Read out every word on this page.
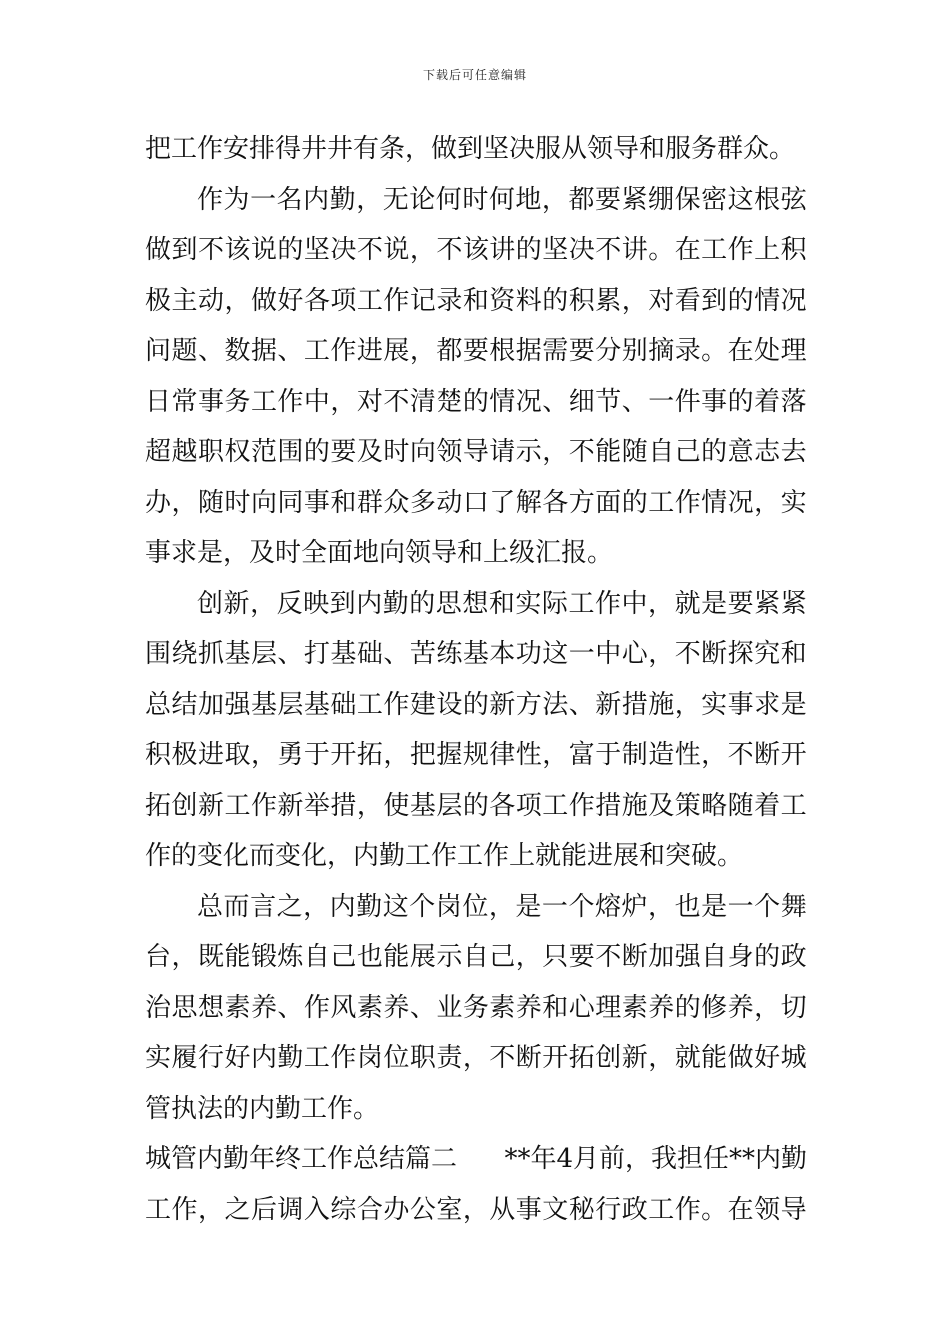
下载后可任意编辑
把工作安排得井井有条，做到坚决服从领导和服务群众。
作 为 一 名 内 勤 ， 无 论 何 时 何 地 ， 都 要 紧 绷 保 密 这 根 弦
做 到 不 该 说 的 坚 决 不 说 ， 不 该 讲 的 坚 决 不 讲 。 在 工 作 上 积
极 主 动 ， 做 好 各 项 工 作 记 录 和 资 料 的 积 累 ， 对 看 到 的 情 况
问 题 、 数 据 、 工 作 进 展 ， 都 要 根 据 需 要 分 别 摘 录 。 在 处 理
日 常 事 务 工 作 中 ， 对 不 清 楚 的 情 况 、 细 节 、 一 件 事 的 着 落
超 越 职 权 范 围 的 要 及 时 向 领 导 请 示 ， 不 能 随 自 己 的 意 志 去
办 ， 随 时 向 同 事 和 群 众 多 动 口 了 解 各 方 面 的 工 作 情 况 ， 实
事求是，及时全面地向领导和上级汇报。
创 新 ， 反 映 到 内 勤 的 思 想 和 实 际 工 作 中 ， 就 是 要 紧 紧
围 绕 抓 基 层 、 打 基 础 、 苦 练 基 本 功 这 一 中 心 ， 不 断 探 究 和
总 结 加 强 基 层 基 础 工 作 建 设 的 新 方 法 、 新 措 施 ， 实 事 求 是
积 极 进 取 ， 勇 于 开 拓 ， 把 握 规 律 性 ， 富 于 制 造 性 ， 不 断 开
拓 创 新 工 作 新 举 措 ， 使 基 层 的 各 项 工 作 措 施 及 策 略 随 着 工
作的变化而变化，内勤工作工作上就能进展和突破。
总 而 言 之 ， 内 勤 这 个 岗 位 ， 是 一 个 熔 炉 ， 也 是 一 个 舞
台 ， 既 能 锻 炼 自 己 也 能 展 示 自 己 ， 只 要 不 断 加 强 自 身 的 政
治 思 想 素 养 、 作 风 素 养 、 业 务 素 养 和 心 理 素 养 的 修 养 ， 切
实 履 行 好 内 勤 工 作 岗 位 职 责 ， 不 断 开 拓 创 新 ， 就 能 做 好 城
管执法的内勤工作。
城管内勤年终工作总结篇二 **年4月前，我担任**内勤
工 作 ， 之 后 调 入 综 合 办 公 室 ， 从 事 文 秘 行 政 工 作 。 在 领 导
